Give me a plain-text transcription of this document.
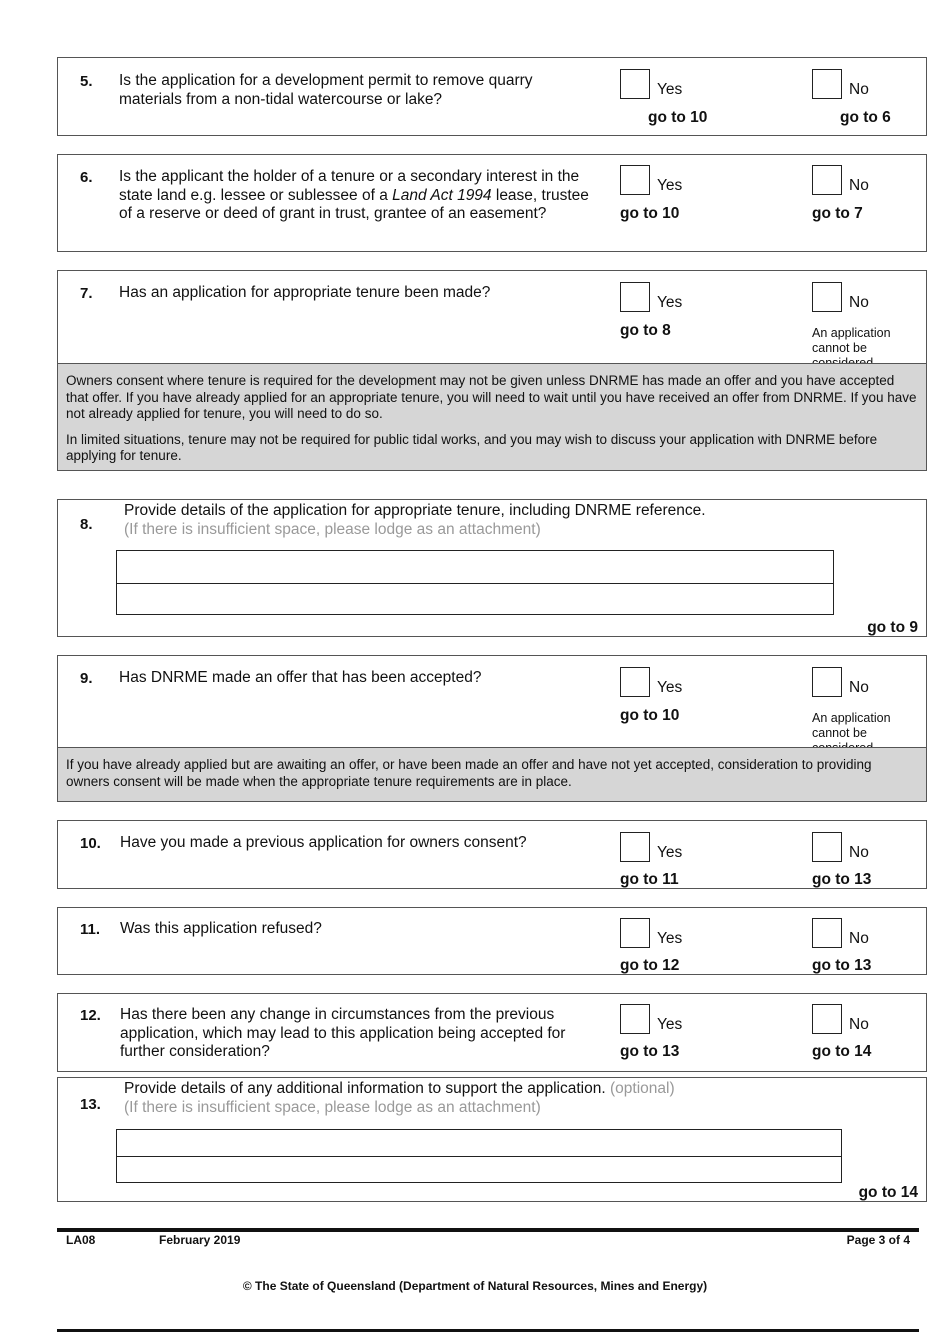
5.	Is the application for a development permit to remove quarry materials from a non-tidal watercourse or lake?
Yes
go to 10
No
go to 6
6.	Is the applicant the holder of a tenure or a secondary interest in the state land e.g. lessee or sublessee of a Land Act 1994 lease, trustee of a reserve or deed of grant in trust, grantee of an easement?
Yes
go to 10
No
go to 7
7.	Has an application for appropriate tenure been made?
Yes
go to 8
No
An application cannot be

Owners consent where tenure is required for the development may not be given unless DNRME has made an offer and you have accepted that offer. If you have already applied for an appropriate tenure, you will need to wait until you have received an offer from DNRME. If you have not already applied for tenure, you will need to do so.

In limited situations, tenure may not be required for public tidal works, and you may wish to discuss your application with DNRME before applying for tenure.

8.
Provide details of the application for appropriate tenure, including DNRME reference.
(If there is insufficient space, please lodge as an attachment)
go to 9
9.	Has DNRME made an offer that has been accepted?
Yes
go to 10
No
An application cannot be

If you have already applied but are awaiting an offer, or have been made an offer and have not yet accepted, consideration to providing owners consent will be made when the appropriate tenure requirements are in place.

10.	Have you made a previous application for owners consent?
Yes
go to 11
No
go to 13
11.	Was this application refused?
Yes
go to 12
No
go to 13
12.	Has there been any change in circumstances from the previous application, which may lead to this application being accepted for further consideration?
Yes
go to 13
No
go to 14
13.
Provide details of any additional information to support the application. (optional)
(If there is insufficient space, please lodge as an attachment)
go to 14
LA08	February 2019	Page 3 of 4
© The State of Queensland (Department of Natural Resources, Mines and Energy)
